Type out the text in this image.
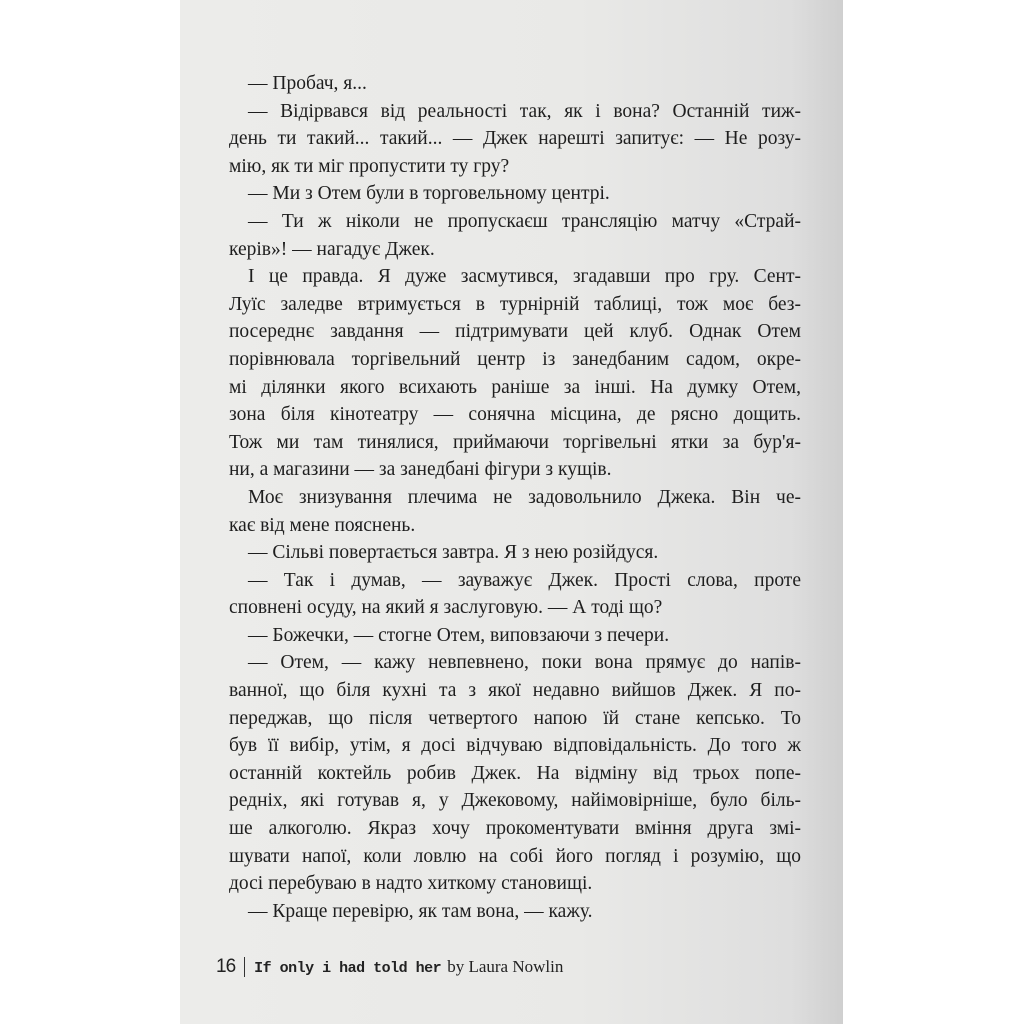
— Пробач, я...
— Відірвався від реальності так, як і вона? Останній тиж-
день ти такий... такий... — Джек нарешті запитує: — Не розу-
мію, як ти міг пропустити ту гру?
— Ми з Отем були в торговельному центрі.
— Ти ж ніколи не пропускаєш трансляцію матчу «Страй-
керів»! — нагадує Джек.
І це правда. Я дуже засмутився, згадавши про гру. Сент-
Луїс заледве втримується в турнірній таблиці, тож моє без-
посереднє завдання — підтримувати цей клуб. Однак Отем
порівнювала торгівельний центр із занедбаним садом, окре-
мі ділянки якого всихають раніше за інші. На думку Отем,
зона біля кінотеатру — сонячна місцина, де рясно дощить.
Тож ми там тинялися, приймаючи торгівельні ятки за бур'я-
ни, а магазини — за занедбані фігури з кущів.
Моє знизування плечима не задовольнило Джека. Він че-
кає від мене пояснень.
— Сільві повертається завтра. Я з нею розійдуся.
— Так і думав, — зауважує Джек. Прості слова, проте
сповнені осуду, на який я заслуговую. — А тоді що?
— Божечки, — стогне Отем, виповзаючи з печери.
— Отем, — кажу невпевнено, поки вона прямує до напів-
ванної, що біля кухні та з якої недавно вийшов Джек. Я по-
переджав, що після четвертого напою їй стане кепсько. То
був її вибір, утім, я досі відчуваю відповідальність. До того ж
останній коктейль робив Джек. На відміну від трьох попе-
редніх, які готував я, у Джековому, найімовірніше, було біль-
ше алкоголю. Якраз хочу прокоментувати вміння друга змі-
шувати напої, коли ловлю на собі його погляд і розумію, що
досі перебуваю в надто хиткому становищі.
— Краще перевірю, як там вона, — кажу.
16 If only i had told her by Laura Nowlin
